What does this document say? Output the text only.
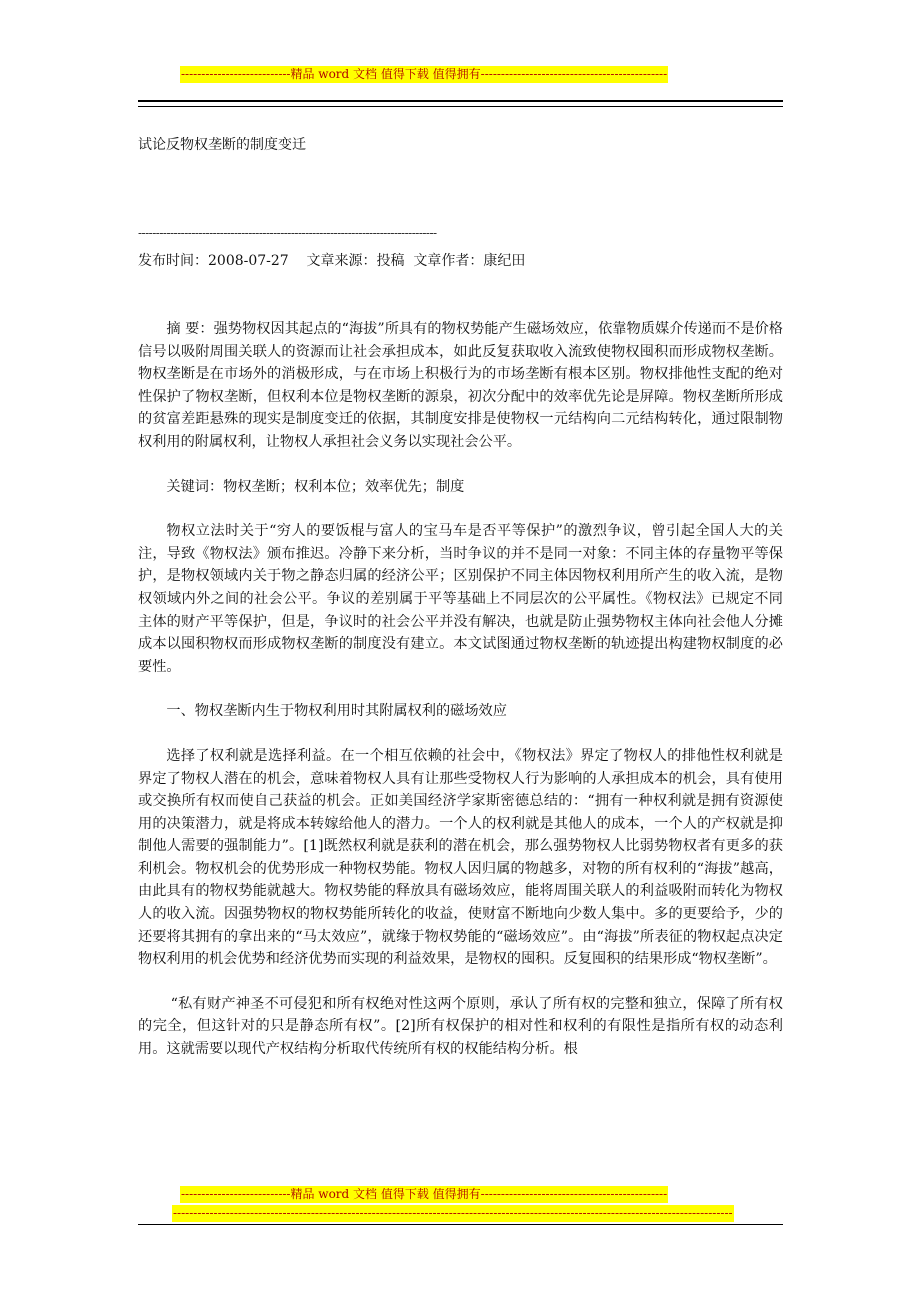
---------------------------精品 word 文档 值得下载 值得拥有----------------------------------------------
试论反物权垄断的制度变迁
------------------------------------------------------------------------------------
发布时间：2008-07-27    文章来源：投稿  文章作者：康纪田

摘 要：强势物权因其起点的“海拔”所具有的物权势能产生磁场效应，依靠物质媒介传递而不是价格信号以吸附周围关联人的资源而让社会承担成本，如此反复获取收入流致使物权囤积而形成物权垄断。物权垄断是在市场外的消极形成，与在市场上积极行为的市场垄断有根本区别。物权排他性支配的绝对性保护了物权垄断，但权利本位是物权垄断的源泉，初次分配中的效率优先论是屏障。物权垄断所形成的贫富差距悬殊的现实是制度变迁的依据，其制度安排是使物权一元结构向二元结构转化，通过限制物权利用的附属权利，让物权人承担社会义务以实现社会公平。

关键词：物权垄断；权利本位；效率优先；制度

物权立法时关于“穷人的要饭棍与富人的宝马车是否平等保护”的激烈争议，曾引起全国人大的关注，导致《物权法》颁布推迟。冷静下来分析，当时争议的并不是同一对象：不同主体的存量物平等保护，是物权领域内关于物之静态归属的经济公平；区别保护不同主体因物权利用所产生的收入流，是物权领域内外之间的社会公平。争议的差别属于平等基础上不同层次的公平属性。《物权法》已规定不同主体的财产平等保护，但是，争议时的社会公平并没有解决，也就是防止强势物权主体向社会他人分摊成本以囤积物权而形成物权垄断的制度没有建立。本文试图通过物权垄断的轨迹提出构建物权制度的必要性。

一、物权垄断内生于物权利用时其附属权利的磁场效应

选择了权利就是选择利益。在一个相互依赖的社会中，《物权法》界定了物权人的排他性权利就是界定了物权人潜在的机会，意味着物权人具有让那些受物权人行为影响的人承担成本的机会，具有使用或交换所有权而使自己获益的机会。正如美国经济学家斯密德总结的：“拥有一种权利就是拥有资源使用的决策潜力，就是将成本转嫁给他人的潜力。一个人的权利就是其他人的成本，一个人的产权就是抑制他人需要的强制能力”。[1]既然权利就是获利的潜在机会，那么强势物权人比弱势物权者有更多的获利机会。物权机会的优势形成一种物权势能。物权人因归属的物越多，对物的所有权利的“海拔”越高，由此具有的物权势能就越大。物权势能的释放具有磁场效应，能将周围关联人的利益吸附而转化为物权人的收入流。因强势物权的物权势能所转化的收益，使财富不断地向少数人集中。多的更要给予，少的还要将其拥有的拿出来的“马太效应”，就缘于物权势能的“磁场效应”。由“海拔”所表征的物权起点决定物权利用的机会优势和经济优势而实现的利益效果，是物权的囤积。反复囤积的结果形成“物权垄断”。

“私有财产神圣不可侵犯和所有权绝对性这两个原则，承认了所有权的完整和独立，保障了所有权的完全，但这针对的只是静态所有权”。[2]所有权保护的相对性和权利的有限性是指所有权的动态利用。这就需要以现代产权结构分析取代传统所有权的权能结构分析。根

---------------------------精品 word 文档 值得下载 值得拥有----------------------------------------------
------------------------------------------------------------------------------------------------------------------------------------------
